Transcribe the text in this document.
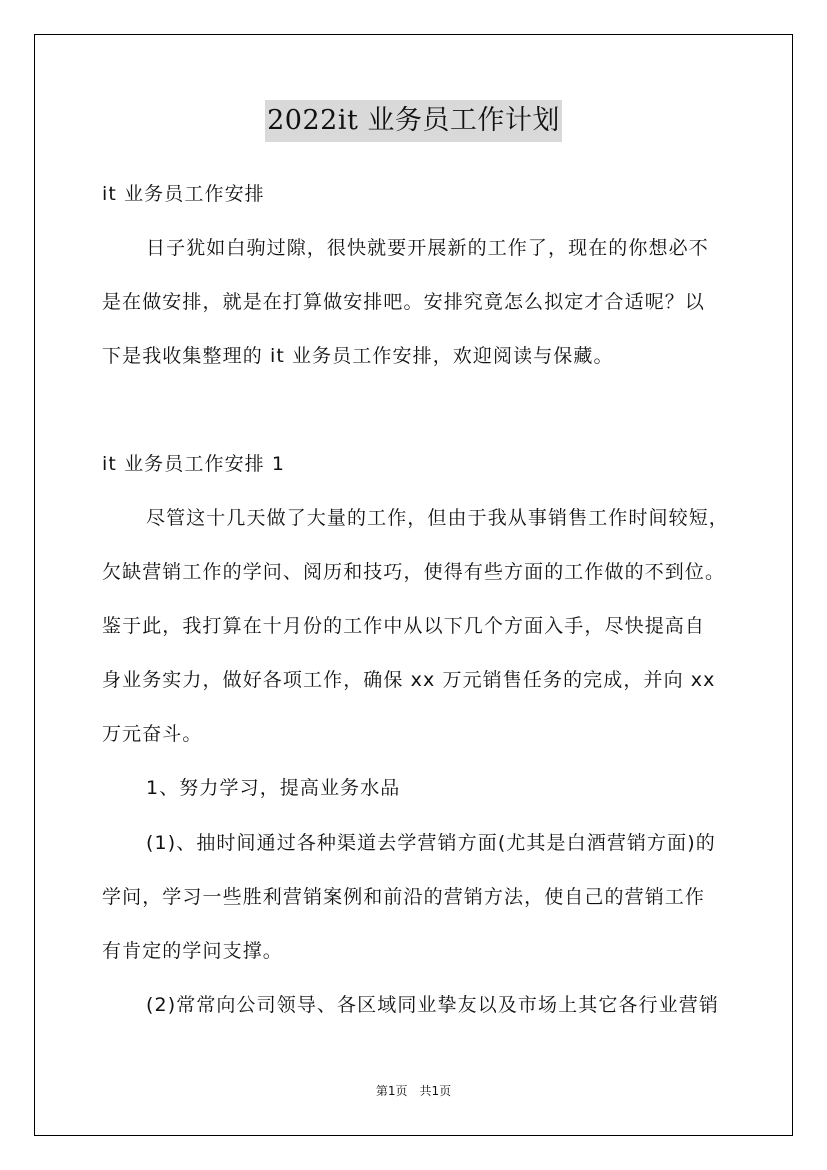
2022it 业务员工作计划
it 业务员工作安排
日子犹如白驹过隙，很快就要开展新的工作了，现在的你想必不
是在做安排，就是在打算做安排吧。安排究竟怎么拟定才合适呢？以
下是我收集整理的 it 业务员工作安排，欢迎阅读与保藏。
it 业务员工作安排 1
尽管这十几天做了大量的工作，但由于我从事销售工作时间较短，
欠缺营销工作的学问、阅历和技巧，使得有些方面的工作做的不到位。
鉴于此，我打算在十月份的工作中从以下几个方面入手，尽快提高自
身业务实力，做好各项工作，确保 xx 万元销售任务的完成，并向 xx
万元奋斗。
1、努力学习，提高业务水品
(1)、抽时间通过各种渠道去学营销方面(尤其是白酒营销方面)的
学问，学习一些胜利营销案例和前沿的营销方法，使自己的营销工作
有肯定的学问支撑。
(2)常常向公司领导、各区域同业挚友以及市场上其它各行业营销
第1页　共1页
